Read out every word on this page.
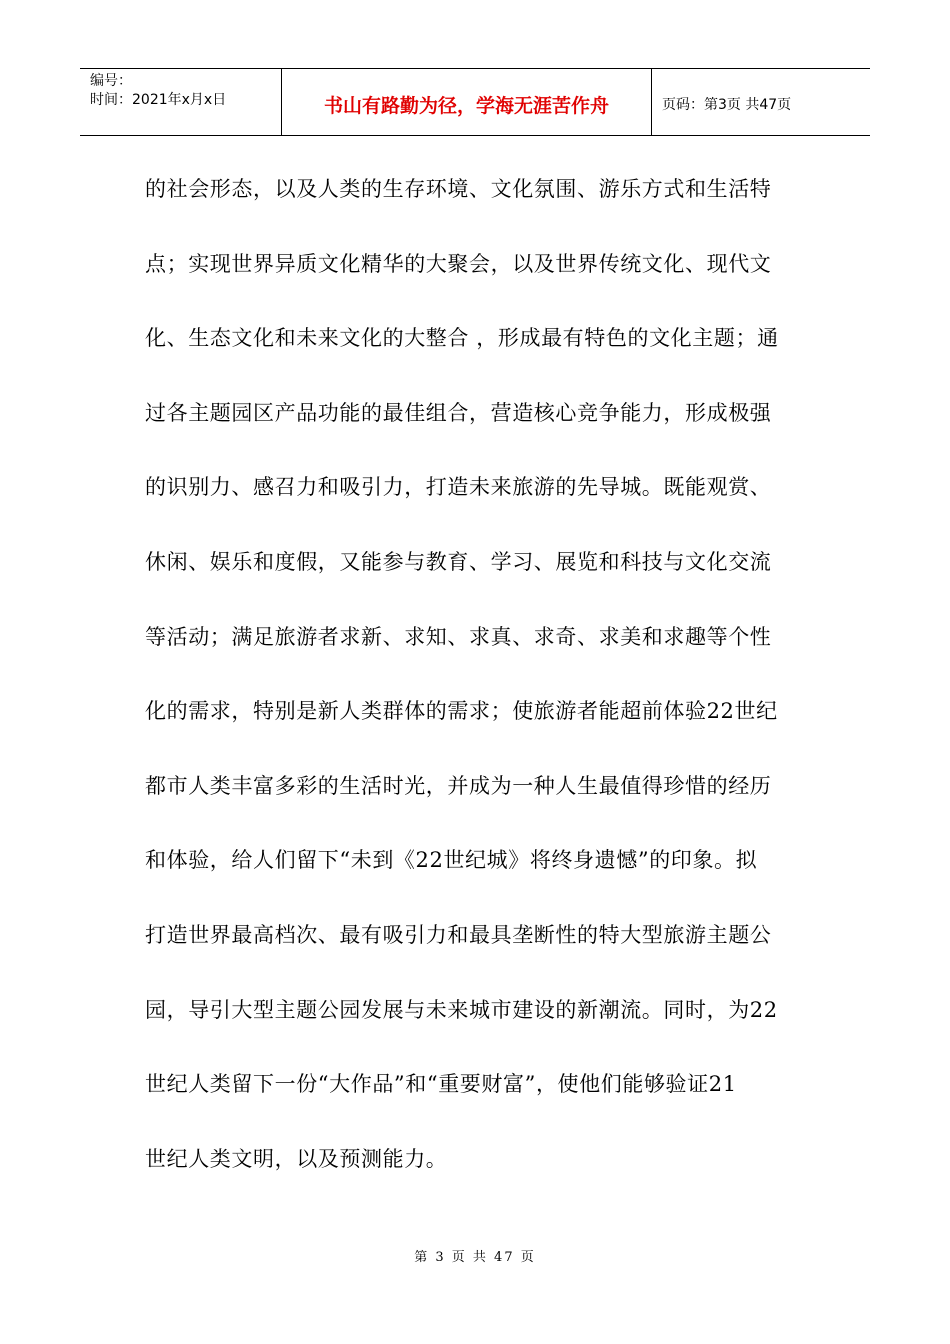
编号：
时间：2021年x月x日	书山有路勤为径，学海无涯苦作舟	页码：第3页 共47页
的社会形态，以及人类的生存环境、文化氛围、游乐方式和生活特
点；实现世界异质文化精华的大聚会，以及世界传统文化、现代文
化、生态文化和未来文化的大整合 ，形成最有特色的文化主题；通
过各主题园区产品功能的最佳组合，营造核心竞争能力，形成极强
的识别力、感召力和吸引力，打造未来旅游的先导城。既能观赏、
休闲、娱乐和度假，又能参与教育、学习、展览和科技与文化交流
等活动；满足旅游者求新、求知、求真、求奇、求美和求趣等个性
化的需求，特别是新人类群体的需求；使旅游者能超前体验22世纪
都市人类丰富多彩的生活时光，并成为一种人生最值得珍惜的经历
和体验，给人们留下“未到《22世纪城》将终身遗憾”的印象。拟
打造世界最高档次、最有吸引力和最具垄断性的特大型旅游主题公
园，导引大型主题公园发展与未来城市建设的新潮流。同时，为22
世纪人类留下一份“大作品”和“重要财富”，使他们能够验证21
世纪人类文明，以及预测能力。
第 3 页 共 47 页
